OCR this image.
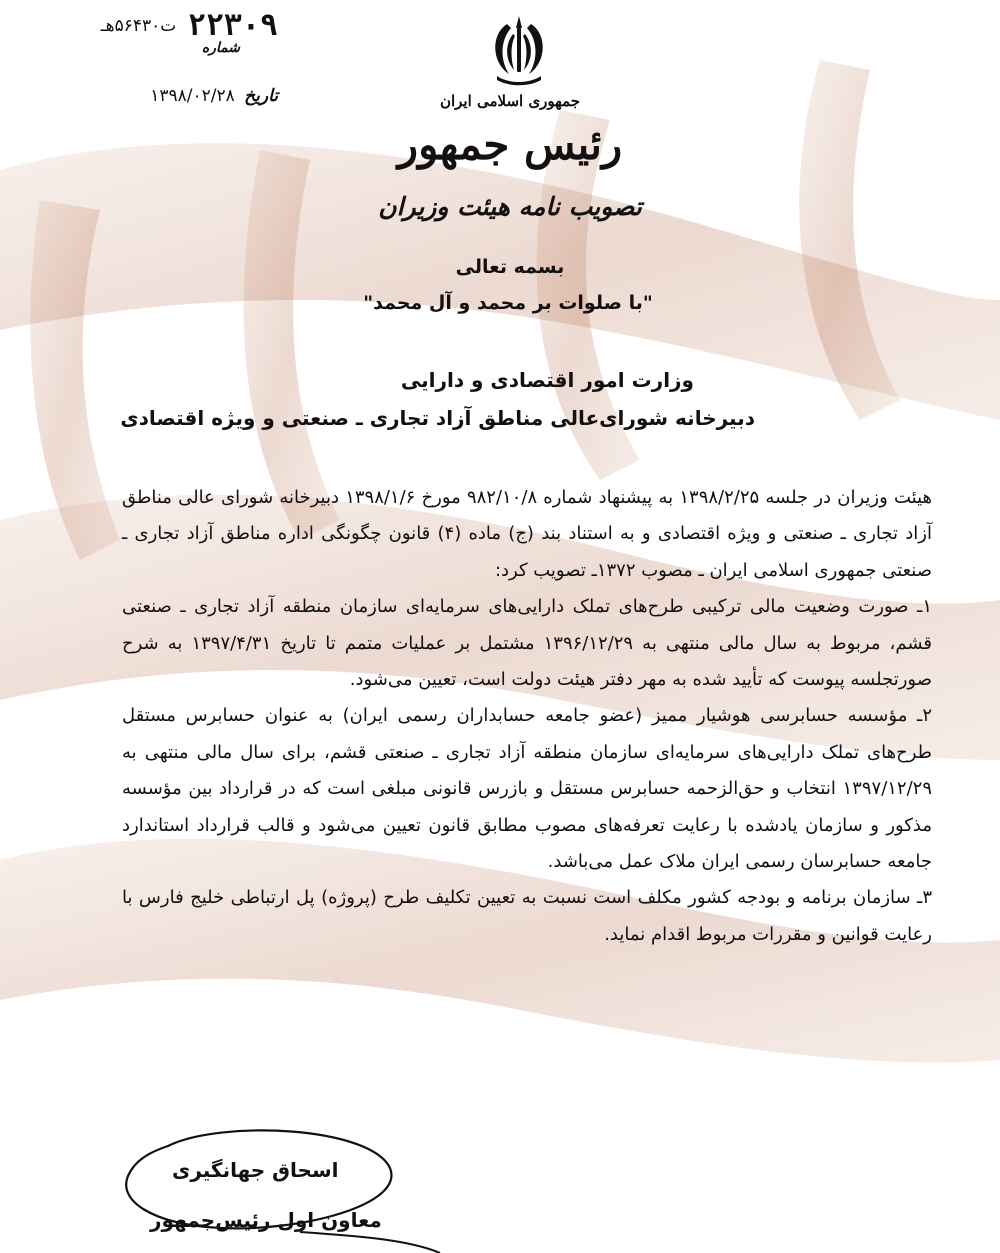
۲۲۳۰۹ ت۵۶۴۳۰هـ
شماره
تاریخ ۱۳۹۸/۰۲/۲۸	جمهوری اسلامی ایران
رئیس جمهور
تصویب نامه هیئت وزیران
بسمه تعالی
"با صلوات بر محمد و آل محمد"
وزارت امور اقتصادی و دارایی
دبیرخانه شورای‌عالی مناطق آزاد تجاری ـ صنعتی و ویژه اقتصادی

هیئت وزیران در جلسه ۱۳۹۸/۲/۲۵ به پیشنهاد شماره ۹۸۲/۱۰/۸ مورخ ۱۳۹۸/۱/۶ دبیرخانه شورای عالی مناطق آزاد تجاری ـ صنعتی و ویژه اقتصادی و به استناد بند (ج) ماده (۴) قانون چگونگی اداره مناطق آزاد تجاری ـ صنعتی جمهوری اسلامی ایران ـ مصوب ۱۳۷۲ـ تصویب کرد:

۱ـ صورت وضعیت مالی ترکیبی طرح‌های تملک دارایی‌های سرمایه‌ای سازمان منطقه آزاد تجاری ـ صنعتی قشم، مربوط به سال مالی منتهی به ۱۳۹۶/۱۲/۲۹ مشتمل بر عملیات متمم تا تاریخ ۱۳۹۷/۴/۳۱ به شرح صورتجلسه پیوست که تأیید شده به مهر دفتر هیئت دولت است، تعیین می‌شود.

۲ـ مؤسسه حسابرسی هوشیار ممیز (عضو جامعه حسابداران رسمی ایران) به عنوان حسابرس مستقل طرح‌های تملک دارایی‌های سرمایه‌ای سازمان منطقه آزاد تجاری ـ صنعتی قشم، برای سال مالی منتهی به ۱۳۹۷/۱۲/۲۹ انتخاب و حق‌الزحمه حسابرس مستقل و بازرس قانونی مبلغی است که در قرارداد بین مؤسسه مذکور و سازمان یادشده با رعایت تعرفه‌های مصوب مطابق قانون تعیین می‌شود و قالب قرارداد استاندارد جامعه حسابرسان رسمی ایران ملاک عمل می‌باشد.

۳ـ سازمان برنامه و بودجه کشور مکلف است نسبت به تعیین تکلیف طرح (پروژه) پل ارتباطی خلیج فارس با رعایت قوانین و مقررات مربوط اقدام نماید.

اسحاق جهانگیری
معاون اول رئیس‌جمهور
